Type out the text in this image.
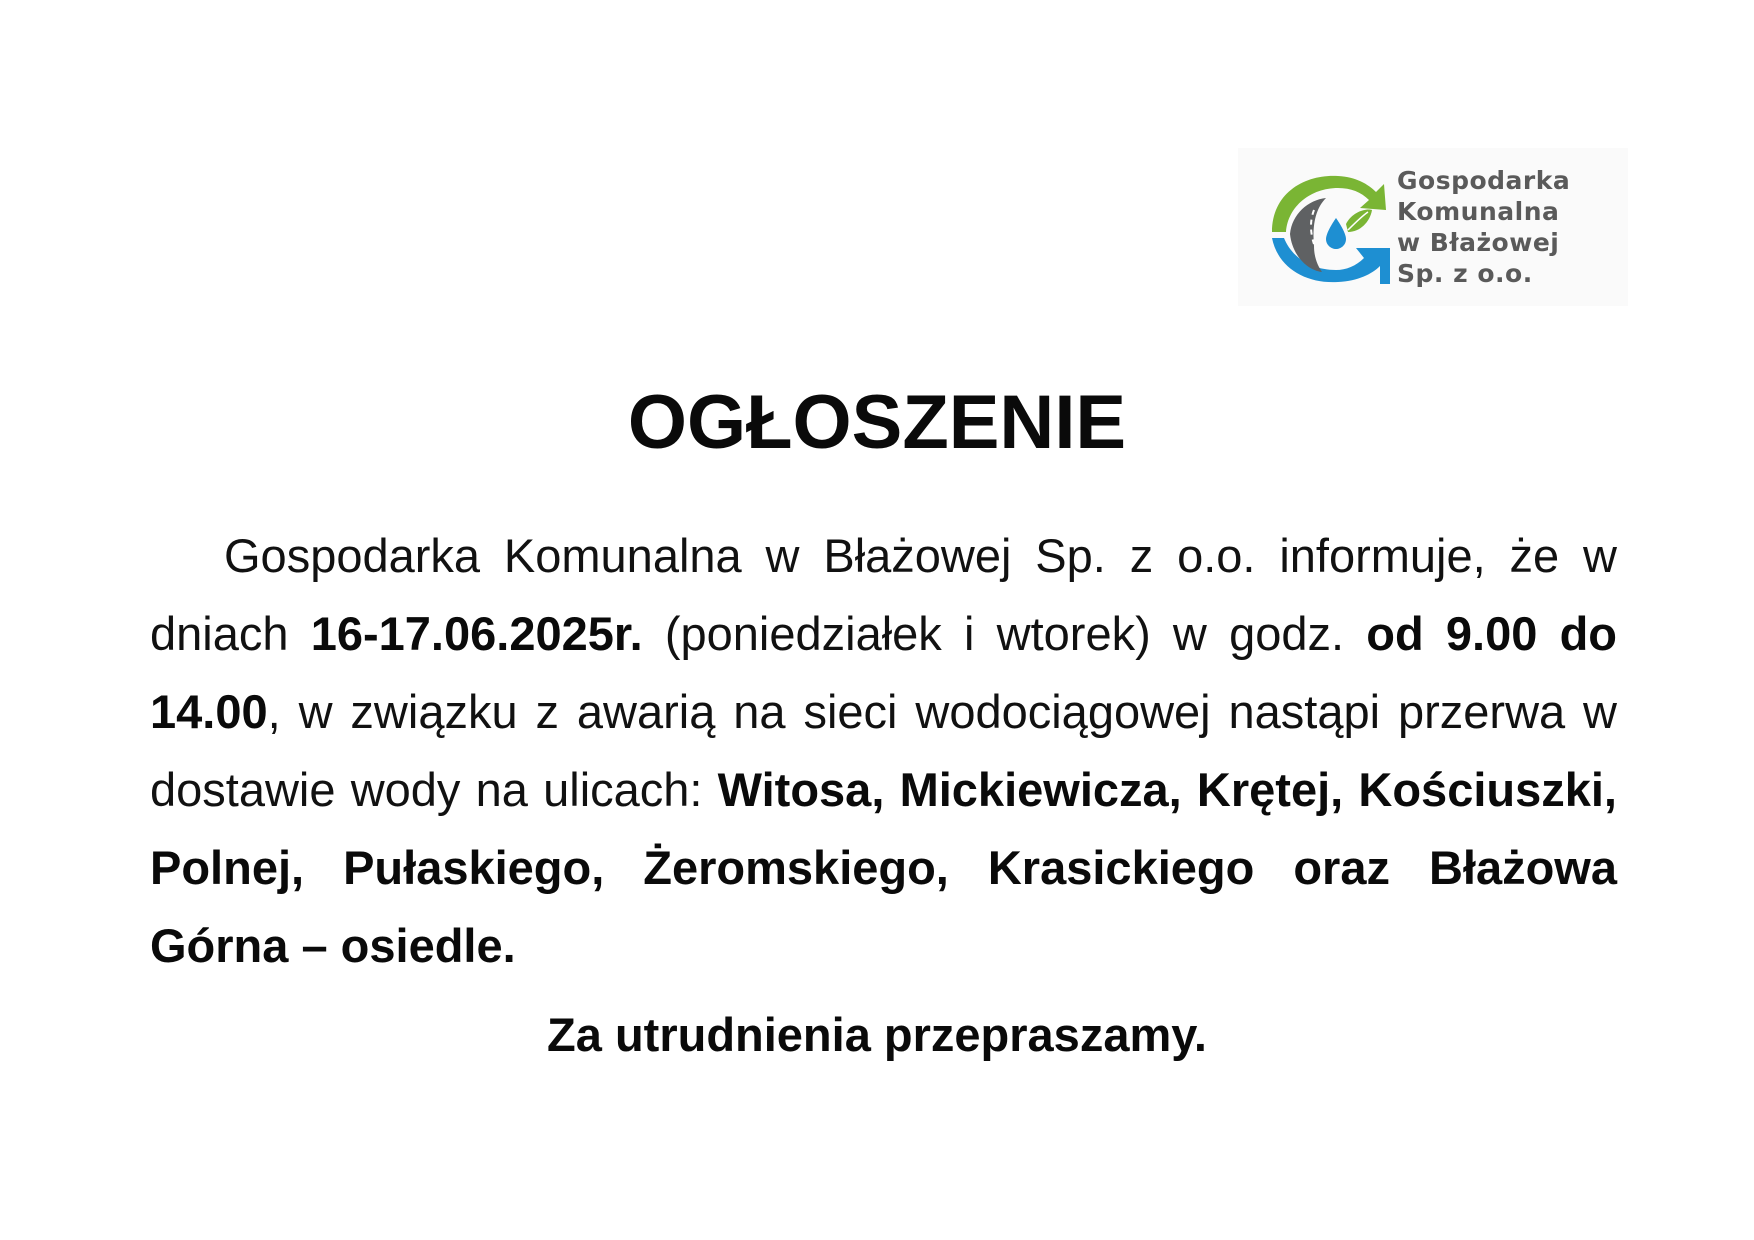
Gospodarka
Komunalna
w Błażowej
Sp. z o.o.
OGŁOSZENIE

Gospodarka Komunalna w Błażowej Sp. z o.o. informuje, że w dniach 16-17.06.2025r. (poniedziałek i wtorek) w godz. od 9.00 do 14.00, w związku z awarią na sieci wodociągowej nastąpi przerwa w dostawie wody na ulicach: Witosa, Mickiewicza, Krętej, Kościuszki, Polnej, Pułaskiego, Żeromskiego, Krasickiego oraz Błażowa Górna – osiedle.

Za utrudnienia przepraszamy.
